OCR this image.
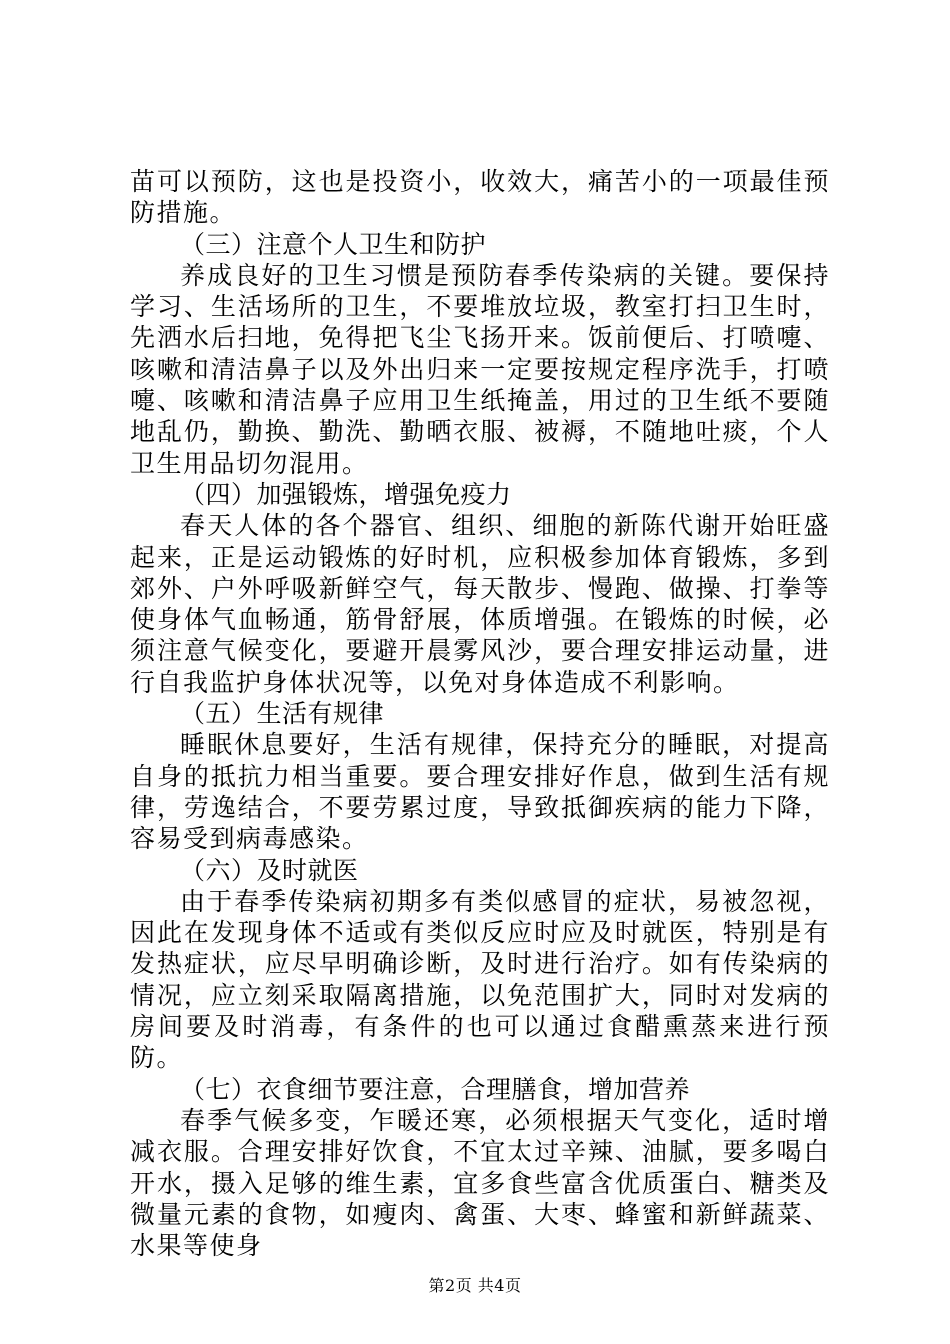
苗可以预防，这也是投资小，收效大，痛苦小的一项最佳预防措施。

（三）注意个人卫生和防护

养成良好的卫生习惯是预防春季传染病的关键。要保持学习、生活场所的卫生，不要堆放垃圾，教室打扫卫生时，先洒水后扫地，免得把飞尘飞扬开来。饭前便后、打喷嚏、咳嗽和清洁鼻子以及外出归来一定要按规定程序洗手，打喷嚏、咳嗽和清洁鼻子应用卫生纸掩盖，用过的卫生纸不要随地乱仍，勤换、勤洗、勤晒衣服、被褥，不随地吐痰，个人卫生用品切勿混用。

（四）加强锻炼，增强免疫力

春天人体的各个器官、组织、细胞的新陈代谢开始旺盛起来，正是运动锻炼的好时机，应积极参加体育锻炼，多到郊外、户外呼吸新鲜空气，每天散步、慢跑、做操、打拳等使身体气血畅通，筋骨舒展，体质增强。在锻炼的时候，必须注意气候变化，要避开晨雾风沙，要合理安排运动量，进行自我监护身体状况等，以免对身体造成不利影响。

（五）生活有规律

睡眠休息要好，生活有规律，保持充分的睡眠，对提高自身的抵抗力相当重要。要合理安排好作息，做到生活有规律，劳逸结合，不要劳累过度，导致抵御疾病的能力下降，容易受到病毒感染。

（六）及时就医

由于春季传染病初期多有类似感冒的症状，易被忽视，因此在发现身体不适或有类似反应时应及时就医，特别是有发热症状，应尽早明确诊断，及时进行治疗。如有传染病的情况，应立刻采取隔离措施，以免范围扩大，同时对发病的房间要及时消毒，有条件的也可以通过食醋熏蒸来进行预防。

（七）衣食细节要注意，合理膳食，增加营养

春季气候多变，乍暖还寒，必须根据天气变化，适时增减衣服。合理安排好饮食，不宜太过辛辣、油腻，要多喝白开水，摄入足够的维生素，宜多食些富含优质蛋白、糖类及微量元素的食物，如瘦肉、禽蛋、大枣、蜂蜜和新鲜蔬菜、水果等使身

第2页 共4页
